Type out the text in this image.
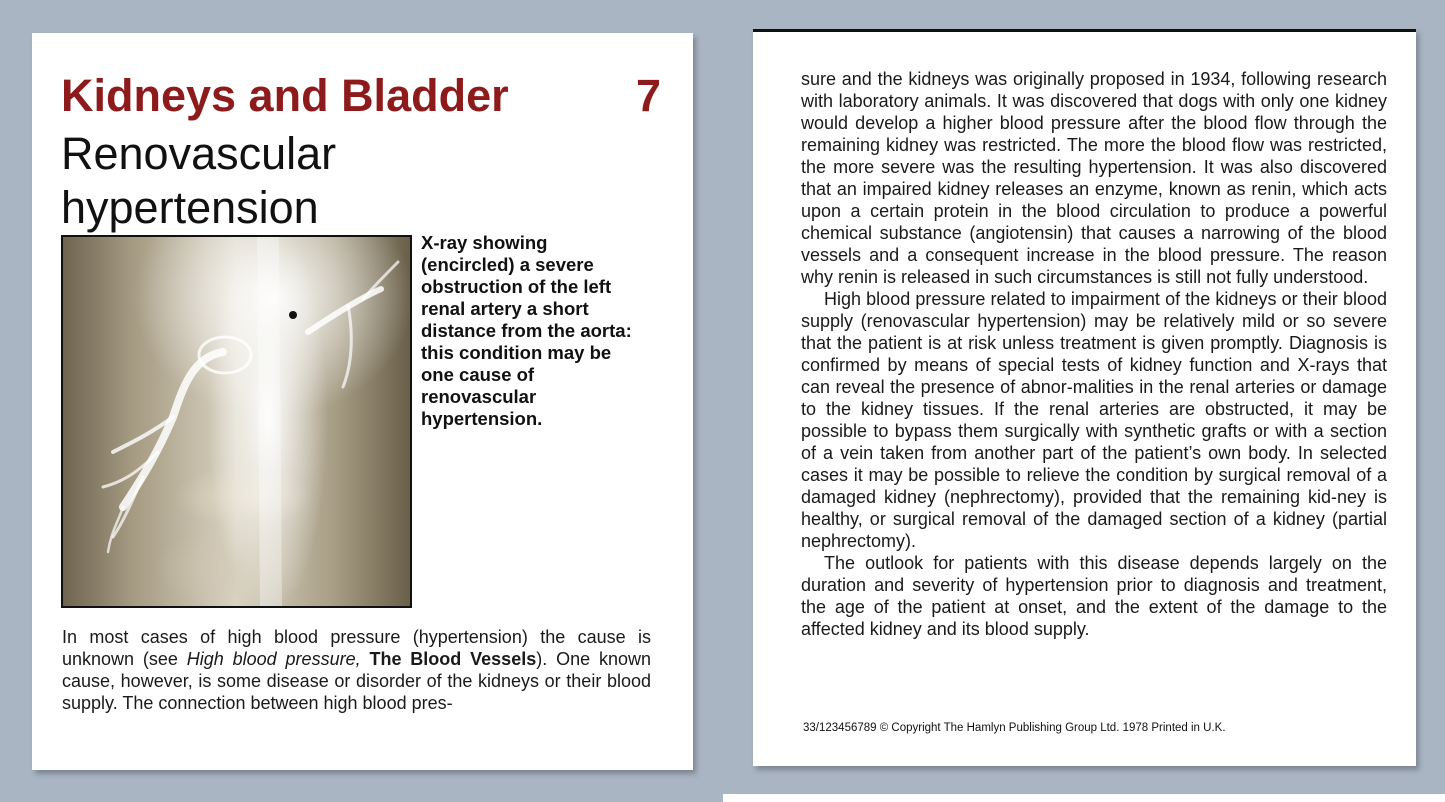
Kidneys and Bladder	7
Renovascular hypertension
X-ray showing (encircled) a severe obstruction of the left renal artery a short distance from the aorta: this condition may be one cause of renovascular hypertension.
In most cases of high blood pressure (hypertension) the cause is unknown (see High blood pressure, The Blood Vessels). One known cause, however, is some disease or disorder of the kidneys or their blood supply. The connection between high blood pres-
sure and the kidneys was originally proposed in 1934, following research with laboratory animals. It was discovered that dogs with only one kidney would develop a higher blood pressure after the blood flow through the remaining kidney was restricted. The more the blood flow was restricted, the more severe was the resulting hypertension. It was also discovered that an impaired kidney releases an enzyme, known as renin, which acts upon a certain protein in the blood circulation to produce a powerful chemical substance (angiotensin) that causes a narrowing of the blood vessels and a consequent increase in the blood pressure. The reason why renin is released in such circumstances is still not fully understood.
High blood pressure related to impairment of the kidneys or their blood supply (renovascular hypertension) may be relatively mild or so severe that the patient is at risk unless treatment is given promptly. Diagnosis is confirmed by means of special tests of kidney function and X-rays that can reveal the presence of abnor-malities in the renal arteries or damage to the kidney tissues. If the renal arteries are obstructed, it may be possible to bypass them surgically with synthetic grafts or with a section of a vein taken from another part of the patient’s own body. In selected cases it may be possible to relieve the condition by surgical removal of a damaged kidney (nephrectomy), provided that the remaining kid-ney is healthy, or surgical removal of the damaged section of a kidney (partial nephrectomy).
The outlook for patients with this disease depends largely on the duration and severity of hypertension prior to diagnosis and treatment, the age of the patient at onset, and the extent of the damage to the affected kidney and its blood supply.
33/123456789 © Copyright The Hamlyn Publishing Group Ltd. 1978 Printed in U.K.
